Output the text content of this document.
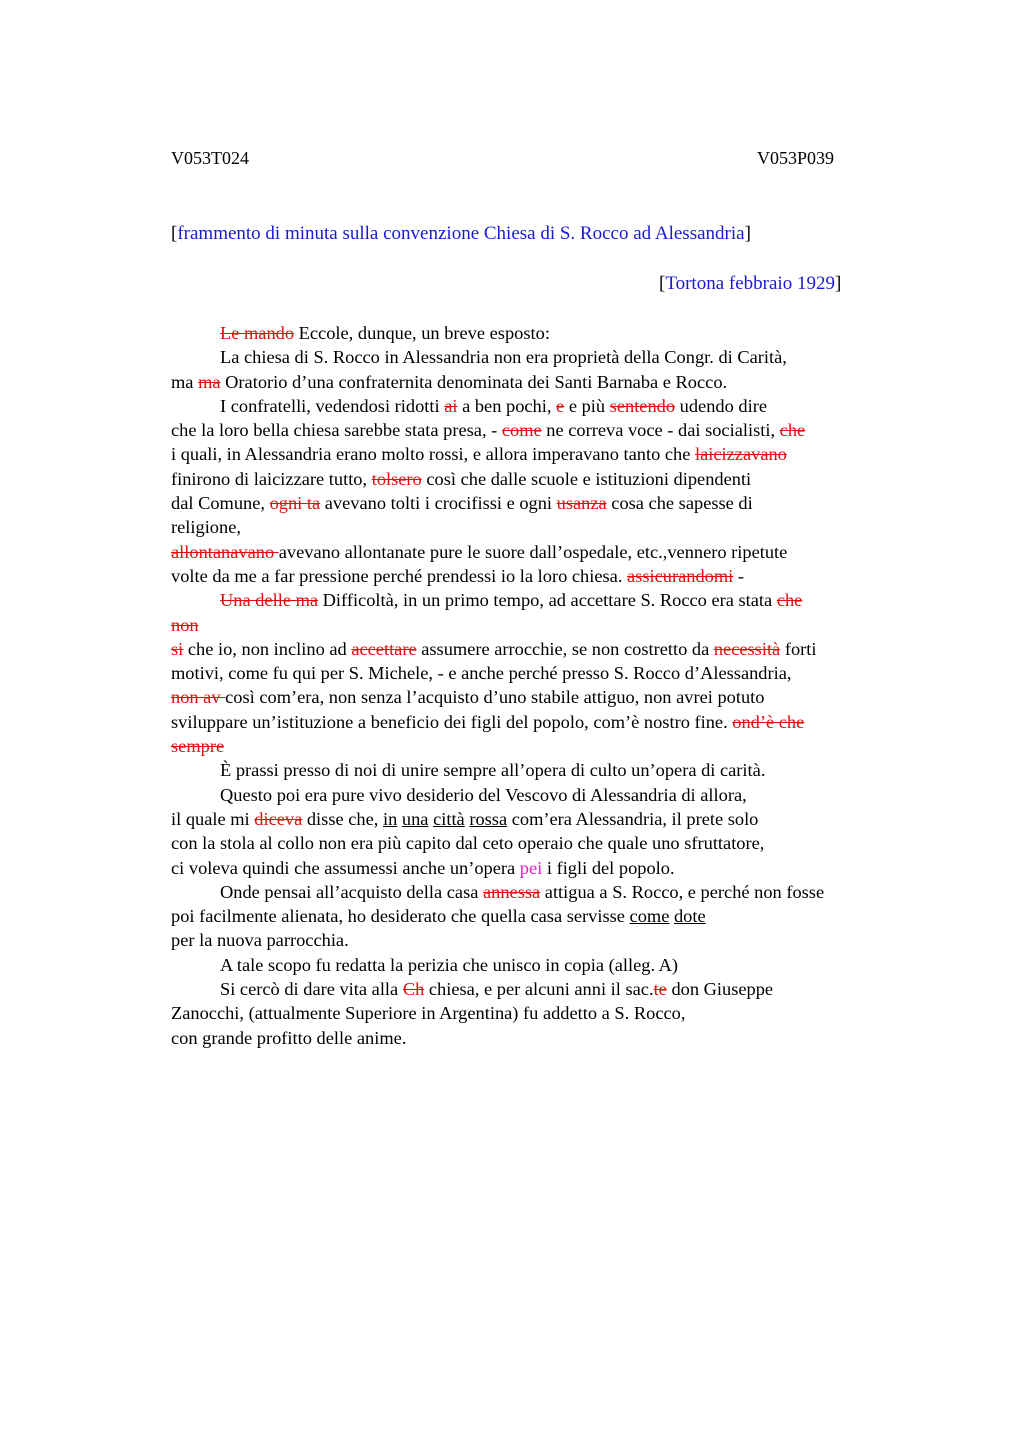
V053T024	V053P039
[frammento di minuta sulla convenzione Chiesa di S. Rocco ad Alessandria]
[Tortona febbraio 1929]
Le mando Eccole, dunque, un breve esposto:
La chiesa di S. Rocco in Alessandria non era proprietà della Congr. di Carità,
ma ma Oratorio d’una confraternita denominata dei Santi Barnaba e Rocco.
I confratelli, vedendosi ridotti ai a ben pochi, e e più sentendo udendo dire
che la loro bella chiesa sarebbe stata presa, - come ne correva voce - dai socialisti, che
i quali, in Alessandria erano molto rossi, e allora imperavano tanto che laicizzavano
finirono di laicizzare tutto, tolsero così che dalle scuole e istituzioni dipendenti
dal Comune, ogni ta avevano tolti i crocifissi e ogni usanza cosa che sapesse di
religione,
allontanavano avevano allontanate pure le suore dall’ospedale, etc.,vennero ripetute
volte da me a far pressione perché prendessi io la loro chiesa. assicurandomi -
Una delle ma Difficoltà, in un primo tempo, ad accettare S. Rocco era stata che
non
si che io, non inclino ad accettare assumere arrocchie, se non costretto da necessità forti
motivi, come fu qui per S. Michele, - e anche perché presso S. Rocco d’Alessandria,
non av così com’era, non senza l’acquisto d’uno stabile attiguo, non avrei potuto
sviluppare un’istituzione a beneficio dei figli del popolo, com’è nostro fine. ond’è che
sempre
È prassi presso di noi di unire sempre all’opera di culto un’opera di carità.
Questo poi era pure vivo desiderio del Vescovo di Alessandria di allora,
il quale mi diceva disse che, in una città rossa com’era Alessandria, il prete solo
con la stola al collo non era più capito dal ceto operaio che quale uno sfruttatore,
ci voleva quindi che assumessi anche un’opera pei i figli del popolo.
Onde pensai all’acquisto della casa annessa attigua a S. Rocco, e perché non fosse
poi facilmente alienata, ho desiderato che quella casa servisse come dote
per la nuova parrocchia.
A tale scopo fu redatta la perizia che unisco in copia (alleg. A)
Si cercò di dare vita alla Ch chiesa, e per alcuni anni il sac.te don Giuseppe
Zanocchi, (attualmente Superiore in Argentina) fu addetto a S. Rocco,
con grande profitto delle anime.
